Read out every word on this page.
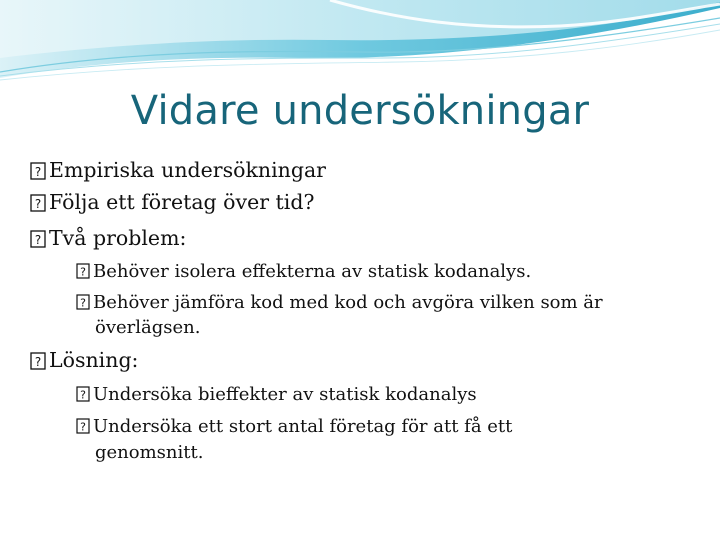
Vidare undersökningar
? Empiriska undersökningar
? Följa ett företag över tid?
? Två problem:
? Behöver isolera effekterna av statisk kodanalys.
? Behöver jämföra kod med kod och avgöra vilken som är
överlägsen.
? Lösning:
? Undersöka bieffekter av statisk kodanalys
? Undersöka ett stort antal företag för att få ett
genomsnitt.
